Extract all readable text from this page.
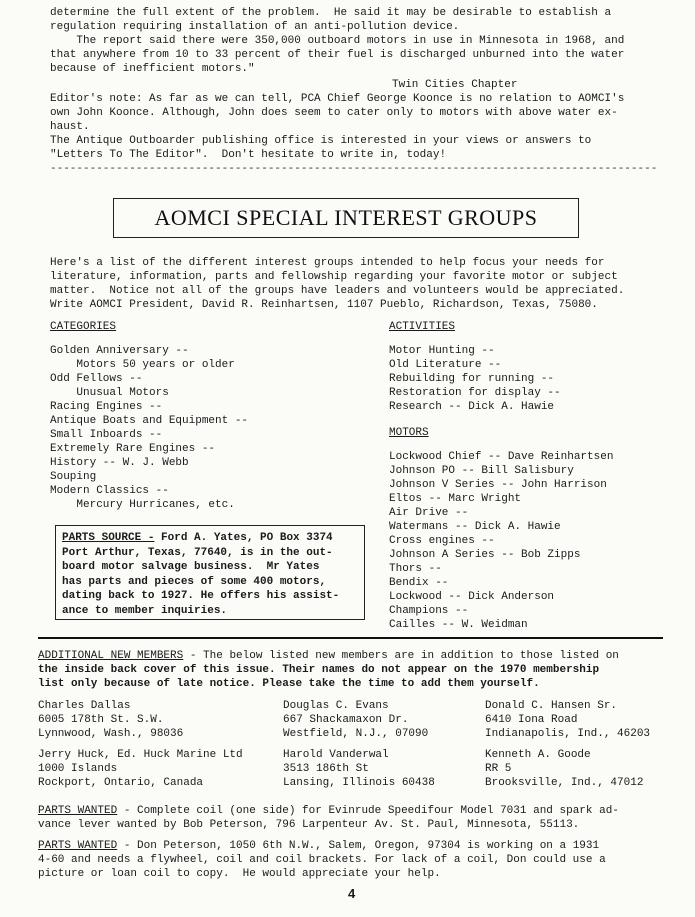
determine the full extent of the problem.  He said it may be desirable to establish a
regulation requiring installation of an anti-pollution device.
The report said there were 350,000 outboard motors in use in Minnesota in 1968, and
that anywhere from 10 to 33 percent of their fuel is discharged unburned into the water
because of inefficient motors."
Twin Cities Chapter
Editor's note: As far as we can tell, PCA Chief George Koonce is no relation to AOMCI's
own John Koonce. Although, John does seem to cater only to motors with above water ex-
haust.
The Antique Outboarder publishing office is interested in your views or answers to
"Letters To The Editor".  Don't hesitate to write in, today!
--------------------------------------------------------------------------------------------
AOMCI SPECIAL INTEREST GROUPS
Here's a list of the different interest groups intended to help focus your needs for
literature, information, parts and fellowship regarding your favorite motor or subject
matter.  Notice not all of the groups have leaders and volunteers would be appreciated.
Write AOMCI President, David R. Reinhartsen, 1107 Pueblo, Richardson, Texas, 75080.
CATEGORIES
Golden Anniversary --
Motors 50 years or older
Odd Fellows --
Unusual Motors
Racing Engines --
Antique Boats and Equipment --
Small Inboards --
Extremely Rare Engines --
History -- W. J. Webb
Souping
Modern Classics --
Mercury Hurricanes, etc.
ACTIVITIES
Motor Hunting --
Old Literature --
Rebuilding for running --
Restoration for display --
Research -- Dick A. Hawie
MOTORS
Lockwood Chief -- Dave Reinhartsen
Johnson PO -- Bill Salisbury
Johnson V Series -- John Harrison
Eltos -- Marc Wright
Air Drive --
Watermans -- Dick A. Hawie
Cross engines --
Johnson A Series -- Bob Zipps
Thors --
Bendix --
Lockwood -- Dick Anderson
Champions --
Cailles -- W. Weidman
PARTS SOURCE - Ford A. Yates, PO Box 3374
Port Arthur, Texas, 77640, is in the out-
board motor salvage business.  Mr Yates
has parts and pieces of some 400 motors,
dating back to 1927. He offers his assist-
ance to member inquiries.
ADDITIONAL NEW MEMBERS - The below listed new members are in addition to those listed on
the inside back cover of this issue. Their names do not appear on the 1970 membership
list only because of late notice. Please take the time to add them yourself.
Charles Dallas
6005 178th St. S.W.
Lynnwood, Wash., 98036
Douglas C. Evans
667 Shackamaxon Dr.
Westfield, N.J., 07090
Donald C. Hansen Sr.
6410 Iona Road
Indianapolis, Ind., 46203
Jerry Huck, Ed. Huck Marine Ltd
1000 Islands
Rockport, Ontario, Canada
Harold Vanderwal
3513 186th St
Lansing, Illinois 60438
Kenneth A. Goode
RR 5
Brooksville, Ind., 47012
PARTS WANTED - Complete coil (one side) for Evinrude Speedifour Model 7031 and spark ad-
vance lever wanted by Bob Peterson, 796 Larpenteur Av. St. Paul, Minnesota, 55113.
PARTS WANTED - Don Peterson, 1050 6th N.W., Salem, Oregon, 97304 is working on a 1931
4-60 and needs a flywheel, coil and coil brackets. For lack of a coil, Don could use a
picture or loan coil to copy.  He would appreciate your help.
4
